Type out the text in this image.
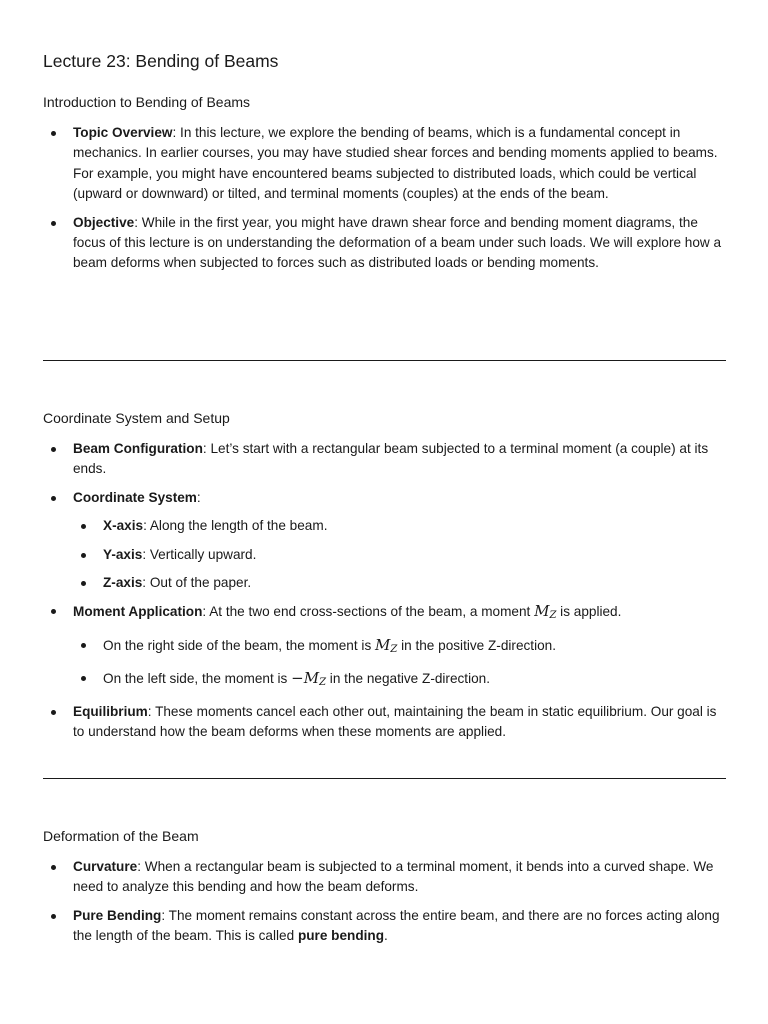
Lecture 23: Bending of Beams
Introduction to Bending of Beams
Topic Overview: In this lecture, we explore the bending of beams, which is a fundamental concept in mechanics. In earlier courses, you may have studied shear forces and bending moments applied to beams. For example, you might have encountered beams subjected to distributed loads, which could be vertical (upward or downward) or tilted, and terminal moments (couples) at the ends of the beam.
Objective: While in the first year, you might have drawn shear force and bending moment diagrams, the focus of this lecture is on understanding the deformation of a beam under such loads. We will explore how a beam deforms when subjected to forces such as distributed loads or bending moments.
Coordinate System and Setup
Beam Configuration: Let’s start with a rectangular beam subjected to a terminal moment (a couple) at its ends.
Coordinate System:
X-axis: Along the length of the beam.
Y-axis: Vertically upward.
Z-axis: Out of the paper.
Moment Application: At the two end cross-sections of the beam, a moment $M_Z$ is applied.
On the right side of the beam, the moment is $M_Z$ in the positive Z-direction.
On the left side, the moment is $-M_Z$ in the negative Z-direction.
Equilibrium: These moments cancel each other out, maintaining the beam in static equilibrium. Our goal is to understand how the beam deforms when these moments are applied.
Deformation of the Beam
Curvature: When a rectangular beam is subjected to a terminal moment, it bends into a curved shape. We need to analyze this bending and how the beam deforms.
Pure Bending: The moment remains constant across the entire beam, and there are no forces acting along the length of the beam. This is called pure bending.
